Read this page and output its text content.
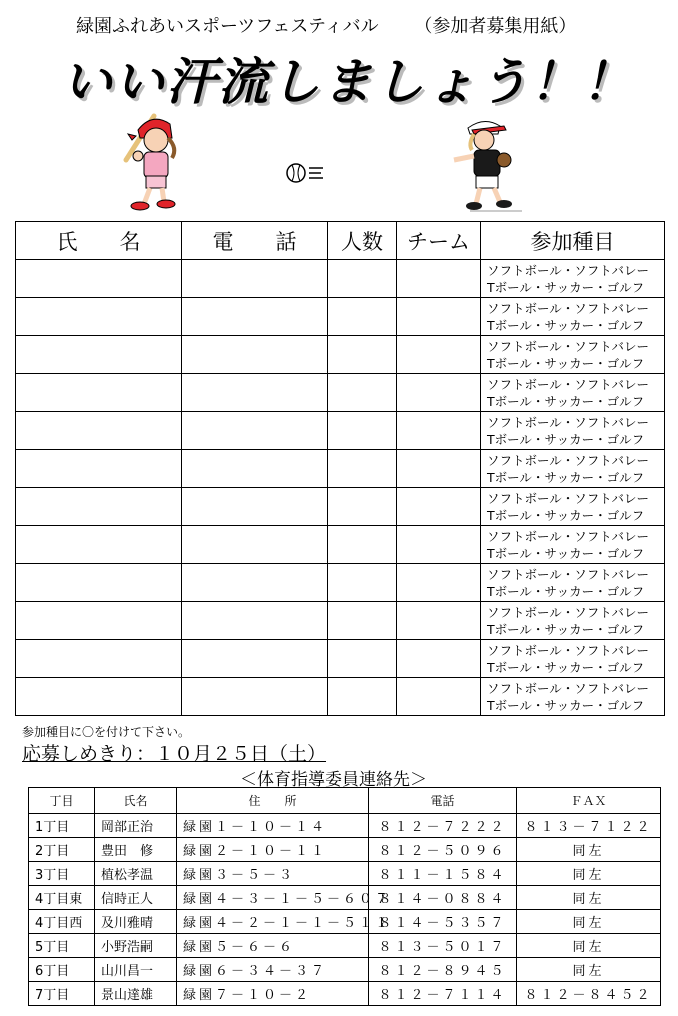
緑園ふれあいスポーツフェスティバル （参加者募集用紙）
いい汗流しましょう！！
氏　　名	電　　話	人数	チーム	参加種目

				ソフトボール・ソフトバレー
Tボール・サッカー・ゴルフ

				ソフトボール・ソフトバレー
Tボール・サッカー・ゴルフ

				ソフトボール・ソフトバレー
Tボール・サッカー・ゴルフ

				ソフトボール・ソフトバレー
Tボール・サッカー・ゴルフ

				ソフトボール・ソフトバレー
Tボール・サッカー・ゴルフ

				ソフトボール・ソフトバレー
Tボール・サッカー・ゴルフ

				ソフトボール・ソフトバレー
Tボール・サッカー・ゴルフ

				ソフトボール・ソフトバレー
Tボール・サッカー・ゴルフ

				ソフトボール・ソフトバレー
Tボール・サッカー・ゴルフ

				ソフトボール・ソフトバレー
Tボール・サッカー・ゴルフ

				ソフトボール・ソフトバレー
Tボール・サッカー・ゴルフ

				ソフトボール・ソフトバレー
Tボール・サッカー・ゴルフ
参加種目に〇を付けて下さい。
応募しめきり：１０月２５日（土）
＜体育指導委員連絡先＞
丁目	氏名	住　　所	電話	ＦＡＸ
1丁目	岡部正治	緑園１－１０－１４	８１２－７２２２	８１３－７１２２
2丁目	豊田　修	緑園２－１０－１１	８１２－５０９６	同左
3丁目	植松孝温	緑園３－５－３	８１１－１５８４	同左
4丁目東	信時正人	緑園４－３－１－５－６０７	８１４－０８８４	同左
4丁目西	及川雅晴	緑園４－２－１－１－５１１	８１４－５３５７	同左
5丁目	小野浩嗣	緑園５－６－６	８１３－５０１７	同左
6丁目	山川昌一	緑園６－３４－３７	８１２－８９４５	同左
7丁目	景山達雄	緑園７－１０－２	８１２－７１１４	８１２－８４５２
